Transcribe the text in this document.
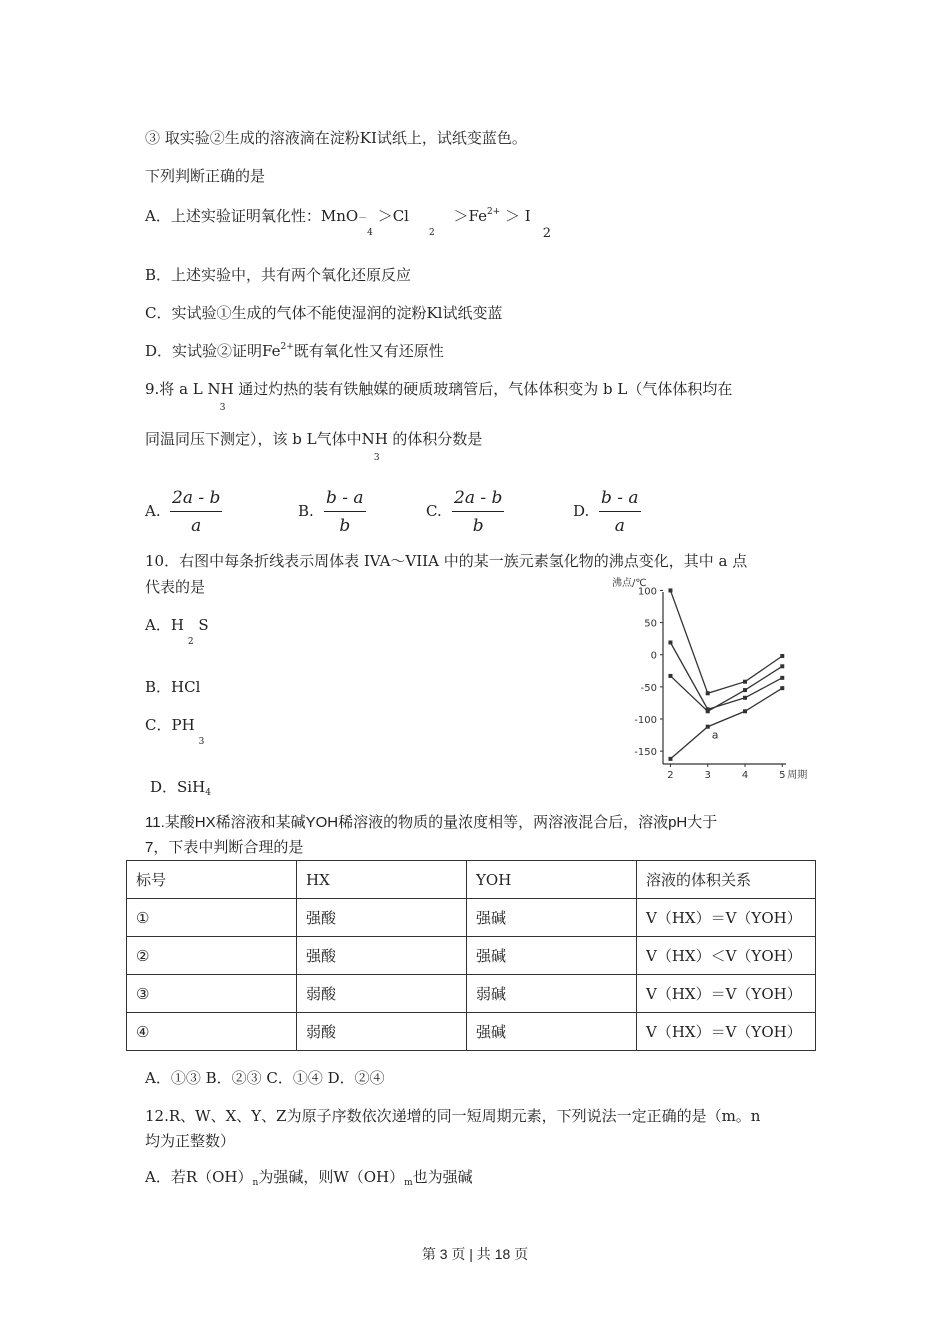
③ 取实验②生成的溶液滴在淀粉KI试纸上，试纸变蓝色。
下列判断正确的是
A．上述实验证明氧化性：$MnO-_4 >Cl_2 >Fe^{2+} > I2$
B．上述实验中，共有两个氧化还原反应
C．实试验①生成的气体不能使湿润的淀粉Kl试纸变蓝
D．实试验②证明$Fe^{2+}$既有氧化性又有还原性
9.将 a L $NH_3$ 通过灼热的装有铁触媒的硬质玻璃管后，气体体积变为 b L（气体体积均在
同温同压下测定），该 b L气体中$NH_3$ 的体积分数是
A. $\frac{2a - b}{a}$	B. $\frac{b - a}{b}$	C. $\frac{2a - b}{b}$	D. $\frac{b - a}{a}$
10．右图中每条折线表示周体表 IVA～VIIA 中的某一族元素氢化物的沸点变化，其中 a 点
代表的是
A．$H_2$ S
B．HCl
C．$PH_3$
D．SiH$_4$
沸点/℃
100
50
0
-50
-100
-150
2	3	4	5 周期
a
11.某酸HX稀溶液和某碱YOH稀溶液的物质的量浓度相等，两溶液混合后，溶液pH大于
7，下表中判断合理的是
标号	HX	YOH	溶液的体积关系
①	强酸	强碱	V（HX）＝V（YOH）
②	强酸	强碱	V（HX）＜V（YOH）
③	弱酸	弱碱	V（HX）＝V（YOH）
④	弱酸	强碱	V（HX）＝V（YOH）
A．①③ B．②③ C．①④ D．②④
12.R、W、X、Y、Z为原子序数依次递增的同一短周期元素，下列说法一定正确的是（m。n
均为正整数）
A．若$R(OH)_n$为强碱，则$W(OH)_m$也为强碱
第 3 页 | 共 18 页
